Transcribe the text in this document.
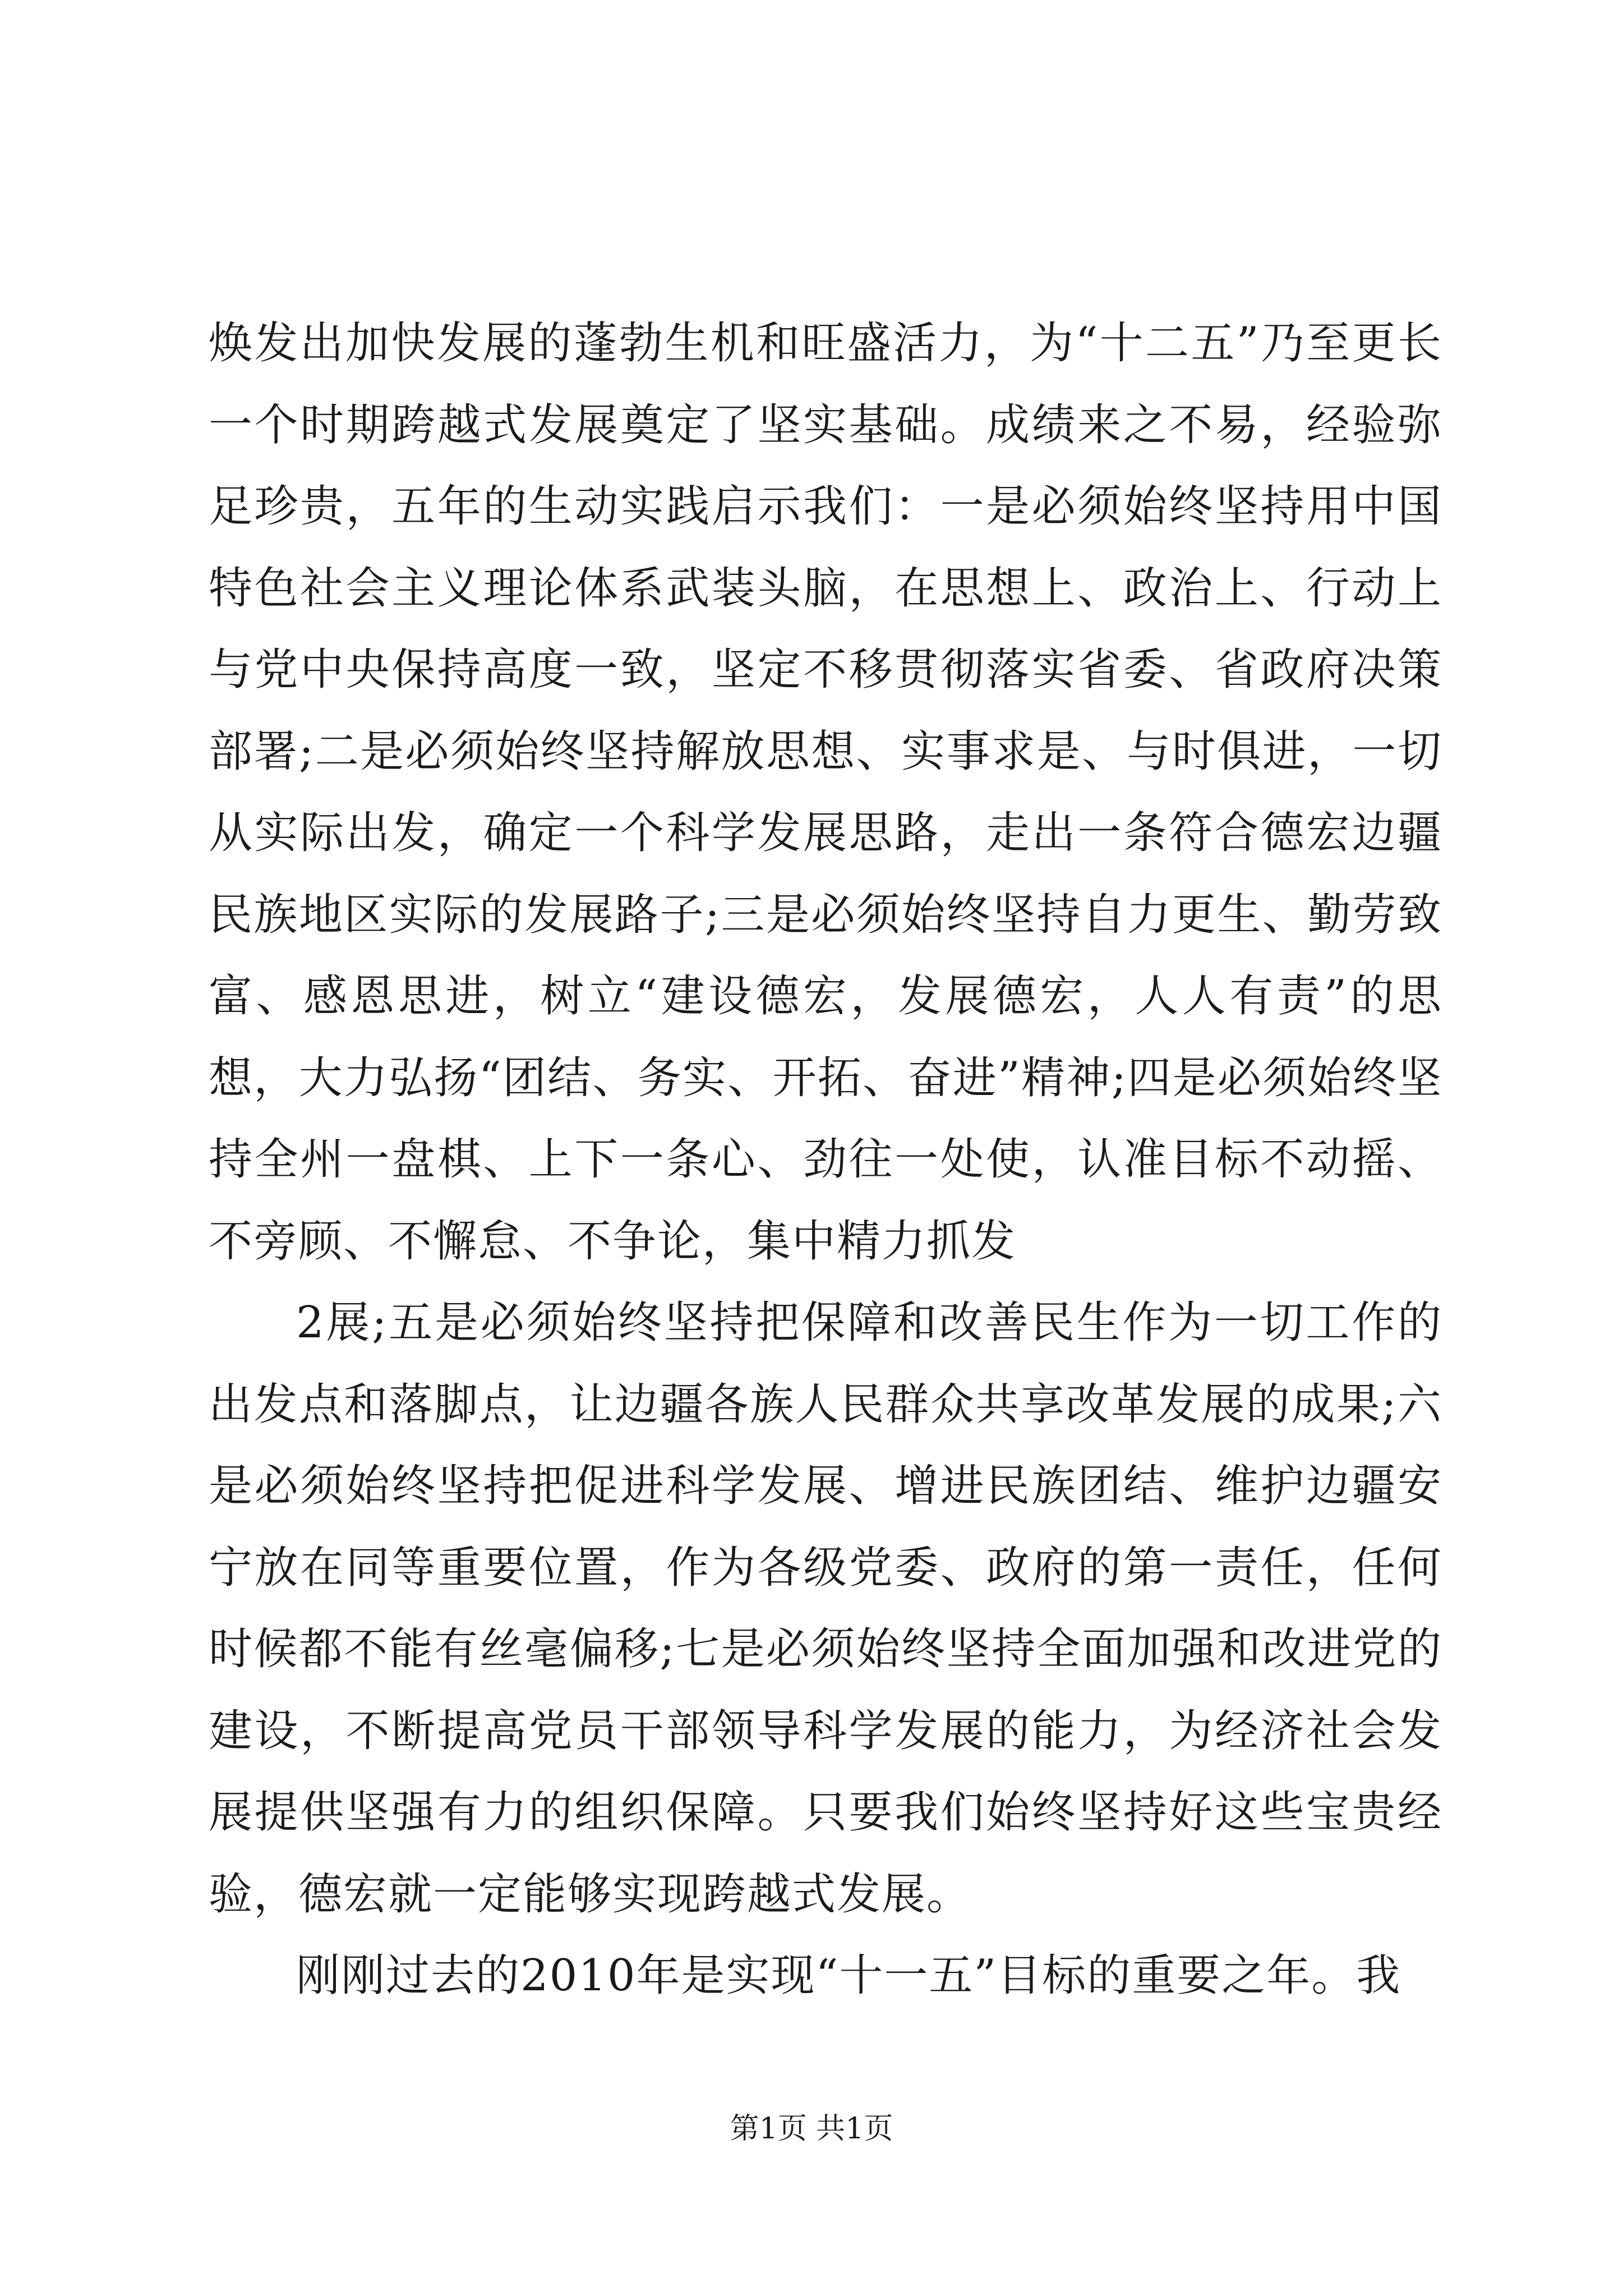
焕发出加快发展的蓬勃生机和旺盛活力，为“十二五”乃至更长一个时期跨越式发展奠定了坚实基础。成绩来之不易，经验弥足珍贵，五年的生动实践启示我们：一是必须始终坚持用中国特色社会主义理论体系武装头脑，在思想上、政治上、行动上与党中央保持高度一致，坚定不移贯彻落实省委、省政府决策部署;二是必须始终坚持解放思想、实事求是、与时俱进，一切从实际出发，确定一个科学发展思路，走出一条符合德宏边疆民族地区实际的发展路子;三是必须始终坚持自力更生、勤劳致富、感恩思进，树立“建设德宏，发展德宏，人人有责”的思想，大力弘扬“团结、务实、开拓、奋进”精神;四是必须始终坚持全州一盘棋、上下一条心、劲往一处使，认准目标不动摇、不旁顾、不懈怠、不争论，集中精力抓发

2展;五是必须始终坚持把保障和改善民生作为一切工作的出发点和落脚点，让边疆各族人民群众共享改革发展的成果;六是必须始终坚持把促进科学发展、增进民族团结、维护边疆安宁放在同等重要位置，作为各级党委、政府的第一责任，任何时候都不能有丝毫偏移;七是必须始终坚持全面加强和改进党的建设，不断提高党员干部领导科学发展的能力，为经济社会发展提供坚强有力的组织保障。只要我们始终坚持好这些宝贵经验，德宏就一定能够实现跨越式发展。

刚刚过去的2010年是实现“十一五”目标的重要之年。我

第1页 共1页
